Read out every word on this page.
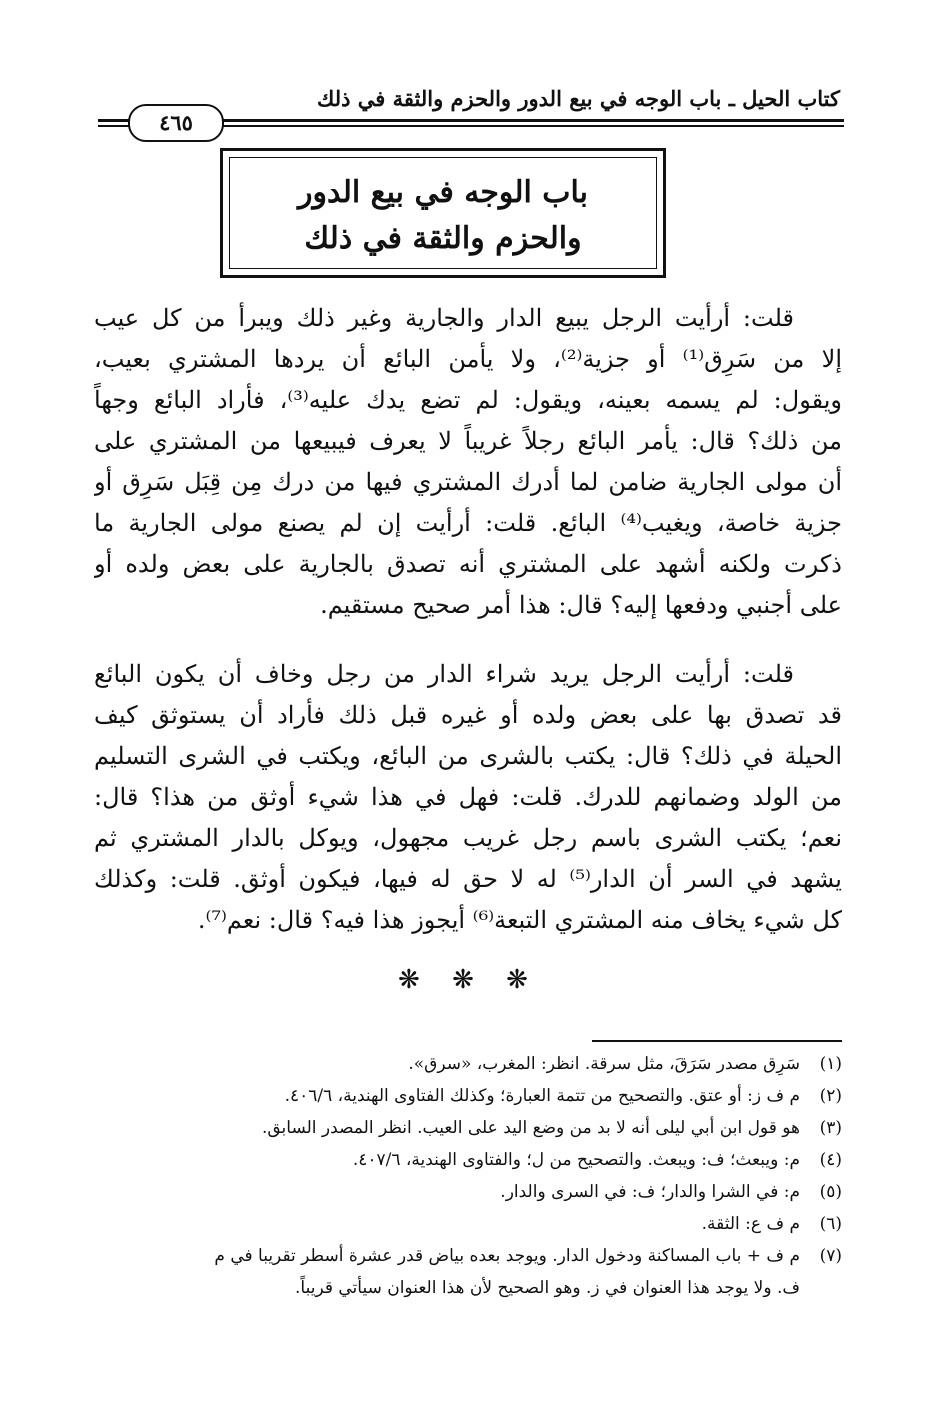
كتاب الحيل ـ باب الوجه في بيع الدور والحزم والثقة في ذلك
٤٦٥
باب الوجه في بيع الدور
والحزم والثقة في ذلك
قلت: أرأيت الرجل يبيع الدار والجارية وغير ذلك ويبرأ من كل عيب
إلا من سَرِق⁽¹⁾ أو جزية⁽²⁾، ولا يأمن البائع أن يردها المشتري بعيب،
ويقول: لم يسمه بعينه، ويقول: لم تضع يدك عليه⁽³⁾، فأراد البائع وجهاً
من ذلك؟ قال: يأمر البائع رجلاً غريباً لا يعرف فيبيعها من المشتري على
أن مولى الجارية ضامن لما أدرك المشتري فيها من درك مِن قِبَل سَرِق أو
جزية خاصة، ويغيب⁽⁴⁾ البائع. قلت: أرأيت إن لم يصنع مولى الجارية ما
ذكرت ولكنه أشهد على المشتري أنه تصدق بالجارية على بعض ولده أو
على أجنبي ودفعها إليه؟ قال: هذا أمر صحيح مستقيم.
قلت: أرأيت الرجل يريد شراء الدار من رجل وخاف أن يكون البائع
قد تصدق بها على بعض ولده أو غيره قبل ذلك فأراد أن يستوثق كيف
الحيلة في ذلك؟ قال: يكتب بالشرى من البائع، ويكتب في الشرى التسليم
من الولد وضمانهم للدرك. قلت: فهل في هذا شيء أوثق من هذا؟ قال:
نعم؛ يكتب الشرى باسم رجل غريب مجهول، ويوكل بالدار المشتري ثم
يشهد في السر أن الدار⁽⁵⁾ له لا حق له فيها، فيكون أوثق. قلت: وكذلك
كل شيء يخاف منه المشتري التبعة⁽⁶⁾ أيجوز هذا فيه؟ قال: نعم⁽⁷⁾.
❋ ❋ ❋
(١)سَرِق مصدر سَرَقَ، مثل سرقة. انظر: المغرب، «سرق».
(٢)م ف ز: أو عتق. والتصحيح من تتمة العبارة؛ وكذلك الفتاوى الهندية، ٤٠٦/٦.
(٣)هو قول ابن أبي ليلى أنه لا بد من وضع اليد على العيب. انظر المصدر السابق.
(٤)م: ويبعث؛ ف: ويبعث. والتصحيح من ل؛ والفتاوى الهندية، ٤٠٧/٦.
(٥)م: في الشرا والدار؛ ف: في السرى والدار.
(٦)م ف ع: الثقة.
(٧)م ف + باب المساكنة ودخول الدار. ويوجد بعده بياض قدر عشرة أسطر تقريبا في م
ف. ولا يوجد هذا العنوان في ز. وهو الصحيح لأن هذا العنوان سيأتي قريباً.
